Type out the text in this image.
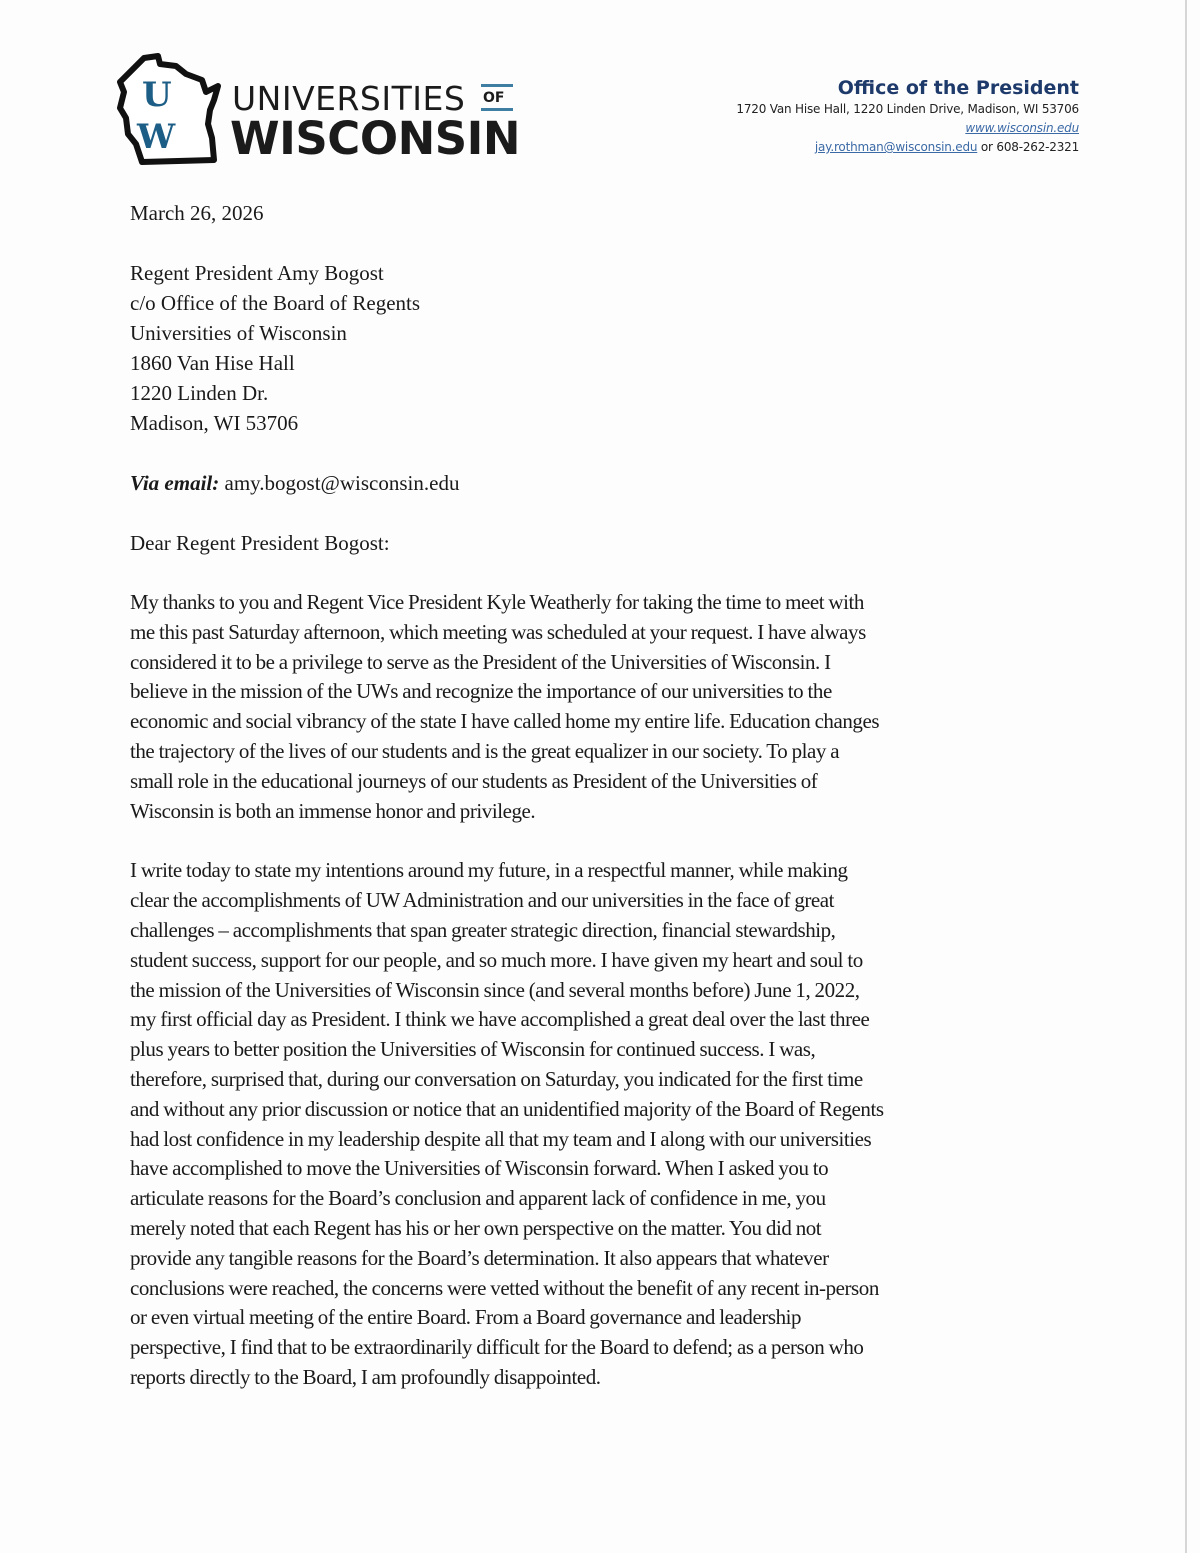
U
W
UNIVERSITIES OF
WISCONSIN
Office of the President
1720 Van Hise Hall, 1220 Linden Drive, Madison, WI 53706
www.wisconsin.edu
jay.rothman@wisconsin.edu or 608-262-2321
March 26, 2026
Regent President Amy Bogost
c/o Office of the Board of Regents
Universities of Wisconsin
1860 Van Hise Hall
1220 Linden Dr.
Madison, WI 53706
Via email: amy.bogost@wisconsin.edu
Dear Regent President Bogost:
My thanks to you and Regent Vice President Kyle Weatherly for taking the time to meet with
me this past Saturday afternoon, which meeting was scheduled at your request. I have always
considered it to be a privilege to serve as the President of the Universities of Wisconsin. I
believe in the mission of the UWs and recognize the importance of our universities to the
economic and social vibrancy of the state I have called home my entire life. Education changes
the trajectory of the lives of our students and is the great equalizer in our society. To play a
small role in the educational journeys of our students as President of the Universities of
Wisconsin is both an immense honor and privilege.
I write today to state my intentions around my future, in a respectful manner, while making
clear the accomplishments of UW Administration and our universities in the face of great
challenges – accomplishments that span greater strategic direction, financial stewardship,
student success, support for our people, and so much more. I have given my heart and soul to
the mission of the Universities of Wisconsin since (and several months before) June 1, 2022,
my first official day as President. I think we have accomplished a great deal over the last three
plus years to better position the Universities of Wisconsin for continued success. I was,
therefore, surprised that, during our conversation on Saturday, you indicated for the first time
and without any prior discussion or notice that an unidentified majority of the Board of Regents
had lost confidence in my leadership despite all that my team and I along with our universities
have accomplished to move the Universities of Wisconsin forward. When I asked you to
articulate reasons for the Board’s conclusion and apparent lack of confidence in me, you
merely noted that each Regent has his or her own perspective on the matter. You did not
provide any tangible reasons for the Board’s determination. It also appears that whatever
conclusions were reached, the concerns were vetted without the benefit of any recent in-person
or even virtual meeting of the entire Board. From a Board governance and leadership
perspective, I find that to be extraordinarily difficult for the Board to defend; as a person who
reports directly to the Board, I am profoundly disappointed.
